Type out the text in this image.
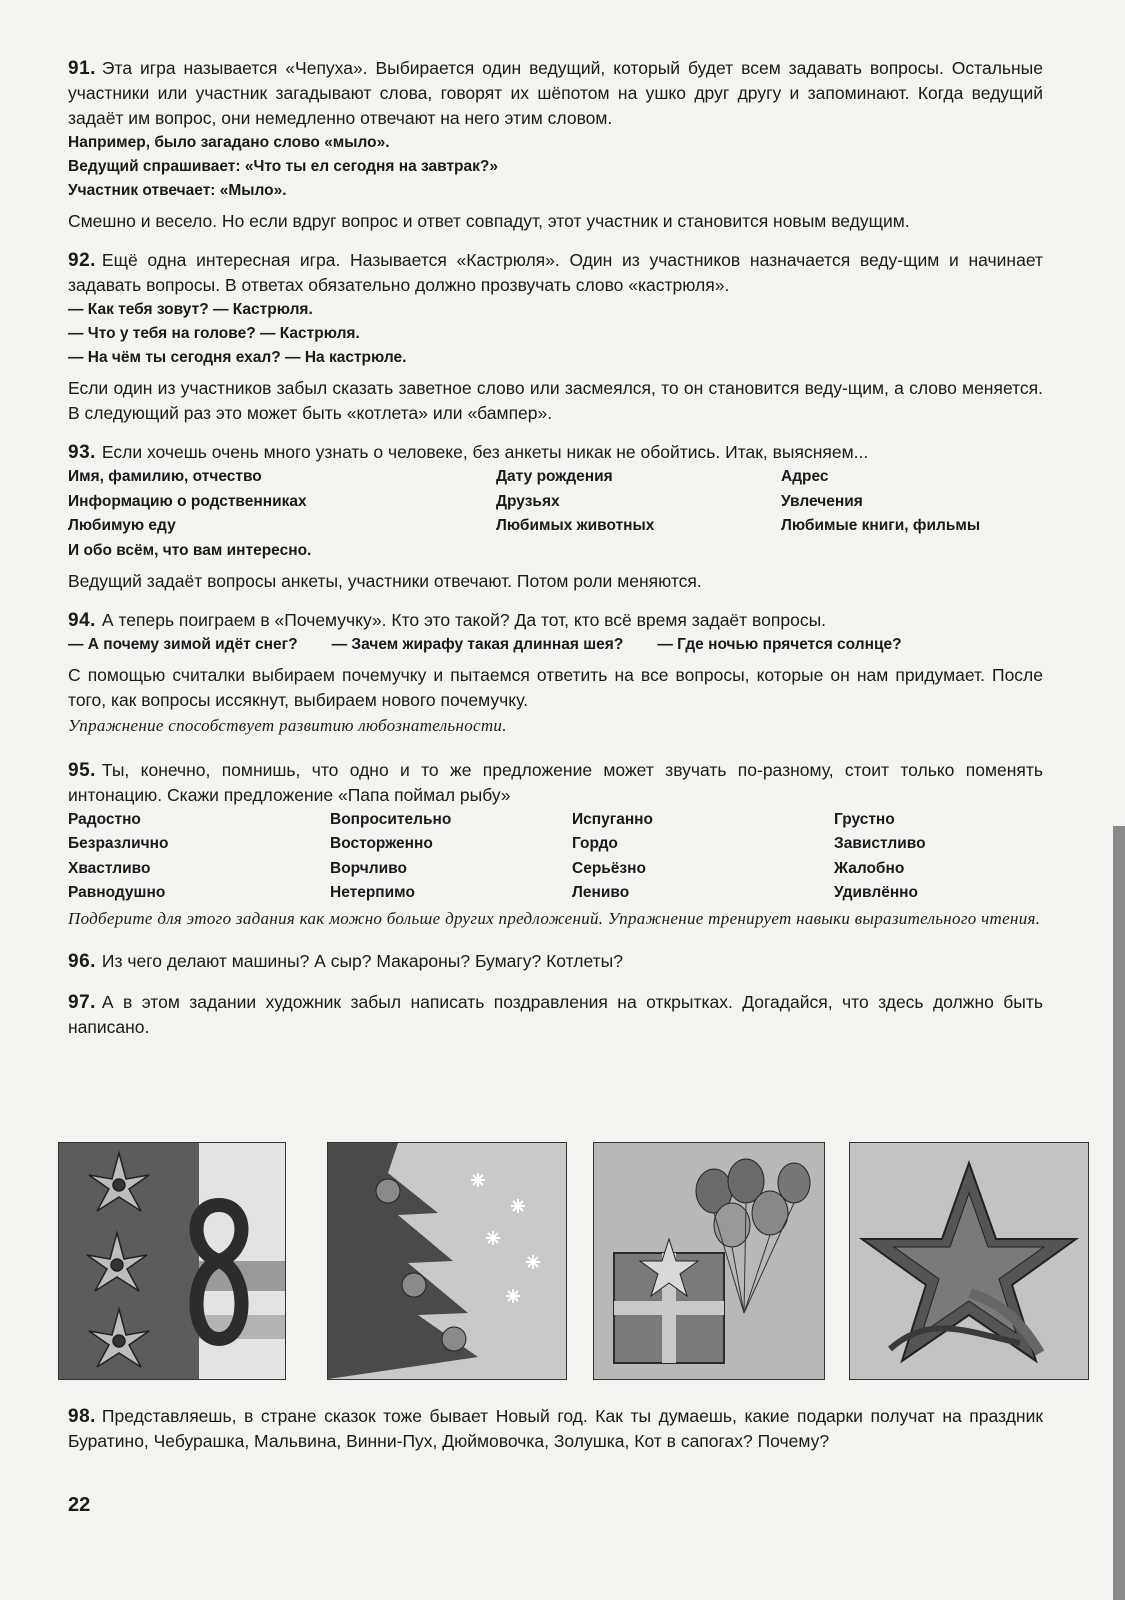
91. Эта игра называется «Чепуха». Выбирается один ведущий, который будет всем задавать вопросы. Остальные участники или участник загадывают слова, говорят их шёпотом на ушко друг другу и запоминают. Когда ведущий задаёт им вопрос, они немедленно отвечают на него этим словом.
Например, было загадано слово «мыло».
Ведущий спрашивает: «Что ты ел сегодня на завтрак?»
Участник отвечает: «Мыло».
Смешно и весело. Но если вдруг вопрос и ответ совпадут, этот участник и становится новым ведущим.
92. Ещё одна интересная игра. Называется «Кастрюля». Один из участников назначается веду-щим и начинает задавать вопросы. В ответах обязательно должно прозвучать слово «кастрюля».
— Как тебя зовут? — Кастрюля.
— Что у тебя на голове? — Кастрюля.
— На чём ты сегодня ехал? — На кастрюле.
Если один из участников забыл сказать заветное слово или засмеялся, то он становится веду-щим, а слово меняется. В следующий раз это может быть «котлета» или «бампер».
93. Если хочешь очень много узнать о человеке, без анкеты никак не обойтись. Итак, выясняем...
Имя, фамилию, отчество	Дату рождения	Адрес
Информацию о родственниках	Друзьях	Увлечения
Любимую еду	Любимых животных	Любимые книги, фильмы
И обо всём, что вам интересно.
Ведущий задаёт вопросы анкеты, участники отвечают. Потом роли меняются.
94. А теперь поиграем в «Почемучку». Кто это такой? Да тот, кто всё время задаёт вопросы.
— А почему зимой идёт снег? — Зачем жирафу такая длинная шея? — Где ночью прячется солнце?
С помощью считалки выбираем почемучку и пытаемся ответить на все вопросы, которые он нам придумает. После того, как вопросы иссякнут, выбираем нового почемучку.
Упражнение способствует развитию любознательности.
95. Ты, конечно, помнишь, что одно и то же предложение может звучать по-разному, стоит только поменять интонацию. Скажи предложение «Папа поймал рыбу»
Радостно	Вопросительно	Испуганно	Грустно
Безразлично	Восторженно	Гордо	Завистливо
Хвастливо	Ворчливо	Серьёзно	Жалобно
Равнодушно	Нетерпимо	Лениво	Удивлённо
Подберите для этого задания как можно больше других предложений. Упражнение тренирует навыки выразительного чтения.
96. Из чего делают машины? А сыр? Макароны? Бумагу? Котлеты?
97. А в этом задании художник забыл написать поздравления на открытках. Догадайся, что здесь должно быть написано.
98. Представляешь, в стране сказок тоже бывает Новый год. Как ты думаешь, какие подарки получат на праздник Буратино, Чебурашка, Мальвина, Винни-Пух, Дюймовочка, Золушка, Кот в сапогах? Почему?
22
